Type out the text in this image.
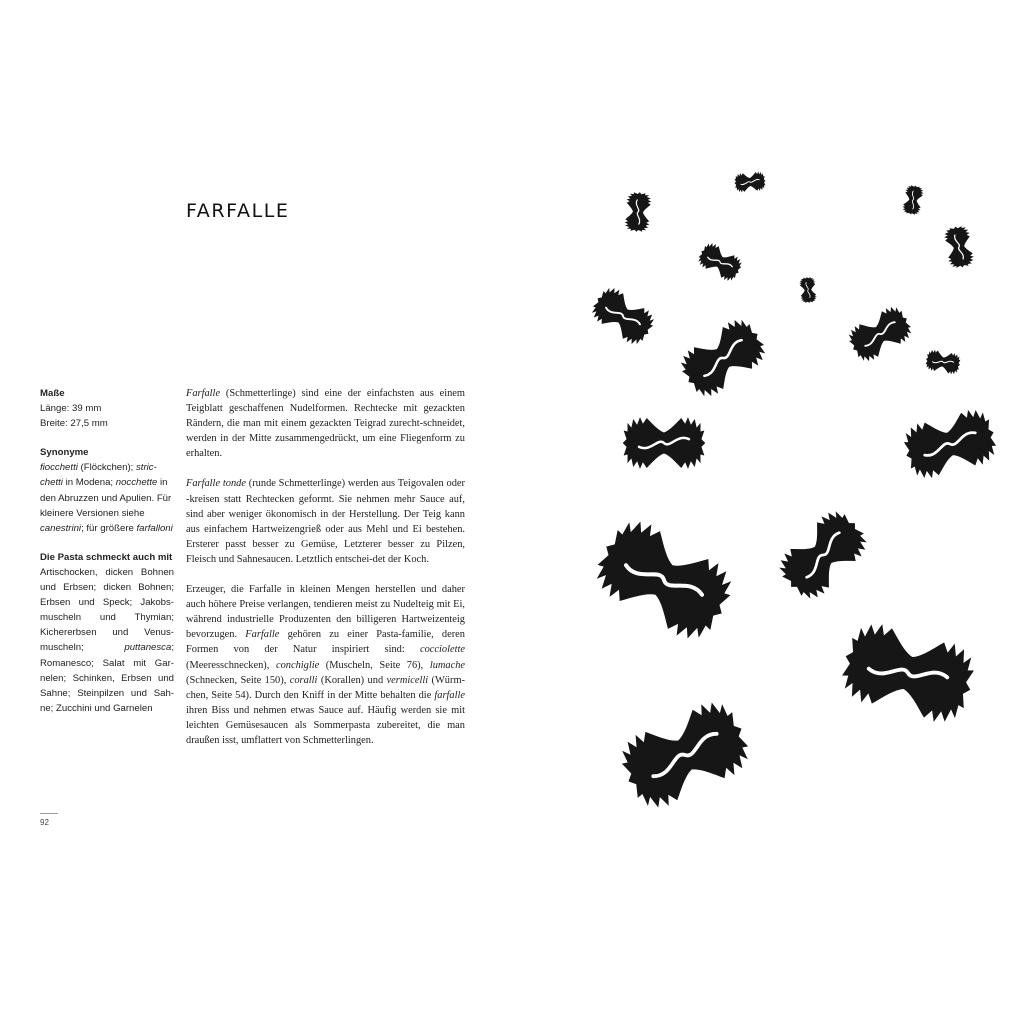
FARFALLE
Maße
Länge: 39 mm
Breite: 27,5 mm
Synonyme
fiocchetti (Flöckchen); stric-chetti in Modena; nocchette in den Abruzzen und Apulien. Für kleinere Versionen siehe canestrini; für größere farfalloni
Die Pasta schmeckt auch mit
Artischocken, dicken Bohnen und Erbsen; dicken Bohnen; Erbsen und Speck; Jakobs-muscheln und Thymian; Kichererbsen und Venus-muscheln; puttanesca; Romanesco; Salat mit Gar-nelen; Schinken, Erbsen und Sahne; Steinpilzen und Sah-ne; Zucchini und Garnelen

Farfalle (Schmetterlinge) sind eine der einfachsten aus einem Teigblatt geschaffenen Nudelformen. Rechtecke mit gezackten Rändern, die man mit einem gezackten Teigrad zurecht-schneidet, werden in der Mitte zusammengedrückt, um eine Fliegenform zu erhalten.

Farfalle tonde (runde Schmetterlinge) werden aus Teigovalen oder -kreisen statt Rechtecken geformt. Sie nehmen mehr Sauce auf, sind aber weniger ökonomisch in der Herstellung. Der Teig kann aus einfachem Hartweizengrieß oder aus Mehl und Ei bestehen. Ersterer passt besser zu Gemüse, Letzterer besser zu Pilzen, Fleisch und Sahnesaucen. Letztlich entschei-det der Koch.

Erzeuger, die Farfalle in kleinen Mengen herstellen und daher auch höhere Preise verlangen, tendieren meist zu Nudelteig mit Ei, während industrielle Produzenten den billigeren Hartweizenteig bevorzugen. Farfalle gehören zu einer Pasta-familie, deren Formen von der Natur inspiriert sind: cocciolette (Meeresschnecken), conchiglie (Muscheln, Seite 76), lumache (Schnecken, Seite 150), coralli (Korallen) und vermicelli (Würm-chen, Seite 54). Durch den Kniff in der Mitte behalten die farfalle ihren Biss und nehmen etwas Sauce auf. Häufig werden sie mit leichten Gemüsesaucen als Sommerpasta zubereitet, die man draußen isst, umflattert von Schmetterlingen.

92
